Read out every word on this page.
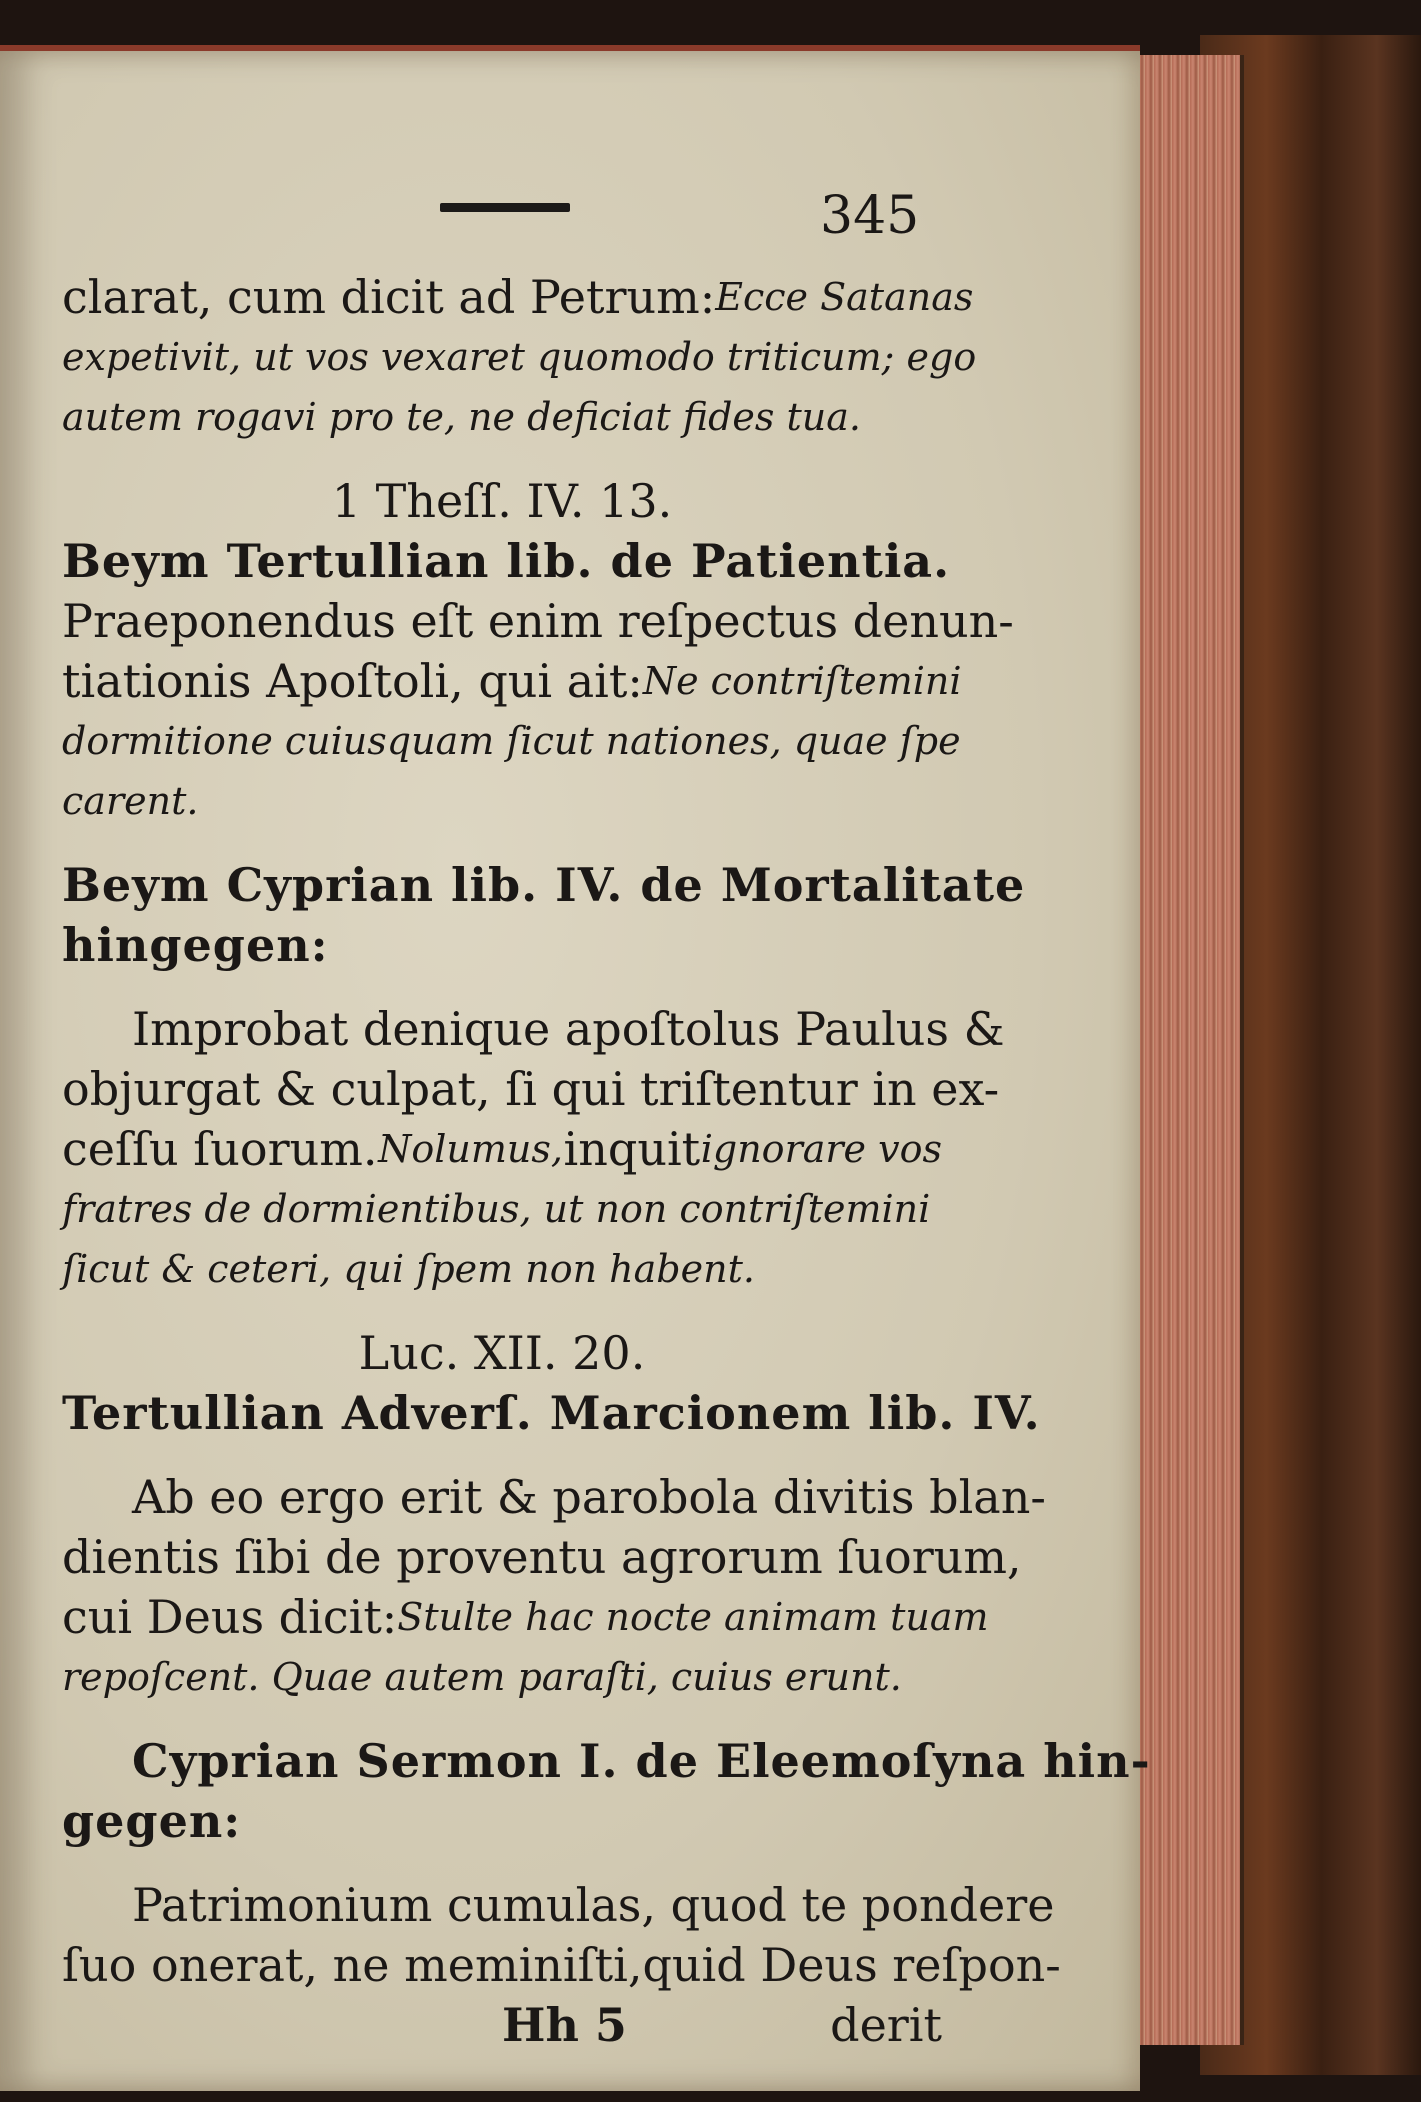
345
clarat, cum dicit ad Petrum: Ecce Satanas
expetivit, ut vos vexaret quomodo triticum; ego
autem rogavi pro te, ne deficiat fides tua.
1 Theſſ. IV. 13.
Beym Tertullian lib. de Patientia.
Praeponendus eſt enim reſpectus denun-
tiationis Apoſtoli, qui ait: Ne contriſtemini
dormitione cuiusquam ſicut nationes, quae ſpe
carent.
Beym Cyprian lib. IV. de Mortalitate
hingegen:
Improbat denique apoſtolus Paulus &
objurgat & culpat, ſi qui triſtentur in ex-
ceſſu ſuorum. Nolumus, inquit ignorare vos
fratres de dormientibus, ut non contriſtemini
ſicut & ceteri, qui ſpem non habent.
Luc. XII. 20.
Tertullian Adverſ. Marcionem lib. IV.
Ab eo ergo erit & parobola divitis blan-
dientis ſibi de proventu agrorum ſuorum,
cui Deus dicit: Stulte hac nocte animam tuam
repoſcent. Quae autem paraſti, cuius erunt.
Cyprian Sermon I. de Eleemoſyna hin-
gegen:
Patrimonium cumulas, quod te pondere
ſuo onerat, ne meminiſti,quid Deus reſpon-
Hh 5	derit
